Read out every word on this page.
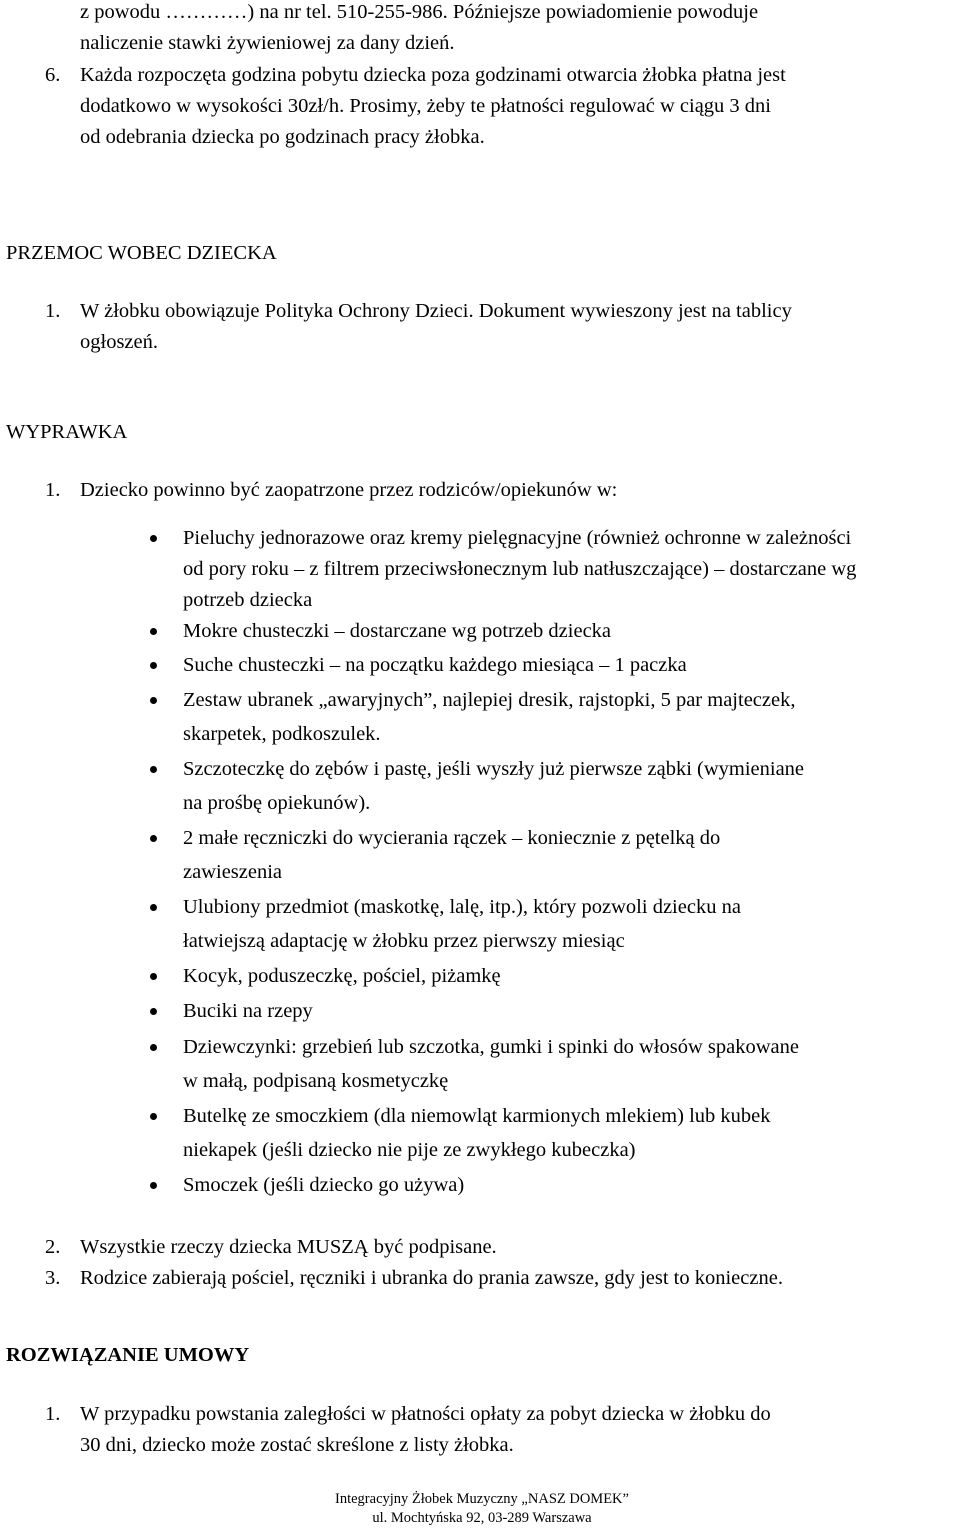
z powodu …………) na nr tel. 510-255-986. Późniejsze powiadomienie powoduje
naliczenie stawki żywieniowej za dany dzień.
6. Każda rozpoczęta godzina pobytu dziecka poza godzinami otwarcia żłobka płatna jest
dodatkowo w wysokości 30zł/h. Prosimy, żeby te płatności regulować w ciągu 3 dni
od odebrania dziecka po godzinach pracy żłobka.
PRZEMOC WOBEC DZIECKA
1. W żłobku obowiązuje Polityka Ochrony Dzieci. Dokument wywieszony jest na tablicy
ogłoszeń.
WYPRAWKA
1. Dziecko powinno być zaopatrzone przez rodziców/opiekunów w:
Pieluchy jednorazowe oraz kremy pielęgnacyjne (również ochronne w zależności
od pory roku – z filtrem przeciwsłonecznym lub natłuszczające) – dostarczane wg
potrzeb dziecka
Mokre chusteczki – dostarczane wg potrzeb dziecka
Suche chusteczki – na początku każdego miesiąca – 1 paczka
Zestaw ubranek „awaryjnych”, najlepiej dresik, rajstopki, 5 par majteczek,
skarpetek, podkoszulek.
Szczoteczkę do zębów i pastę, jeśli wyszły już pierwsze ząbki (wymieniane
na prośbę opiekunów).
2 małe ręczniczki do wycierania rączek – koniecznie z pętelką do
zawieszenia
Ulubiony przedmiot (maskotkę, lalę, itp.), który pozwoli dziecku na
łatwiejszą adaptację w żłobku przez pierwszy miesiąc
Kocyk, poduszeczkę, pościel, piżamkę
Buciki na rzepy
Dziewczynki: grzebień lub szczotka, gumki i spinki do włosów spakowane
w małą, podpisaną kosmetyczkę
Butelkę ze smoczkiem (dla niemowląt karmionych mlekiem) lub kubek
niekapek (jeśli dziecko nie pije ze zwykłego kubeczka)
Smoczek (jeśli dziecko go używa)
2. Wszystkie rzeczy dziecka MUSZĄ być podpisane.
3. Rodzice zabierają pościel, ręczniki i ubranka do prania zawsze, gdy jest to konieczne.
ROZWIĄZANIE UMOWY
1. W przypadku powstania zaległości w płatności opłaty za pobyt dziecka w żłobku do
30 dni, dziecko może zostać skreślone z listy żłobka.
Integracyjny Żłobek Muzyczny „NASZ DOMEK”
ul. Mochtyńska 92, 03-289 Warszawa
